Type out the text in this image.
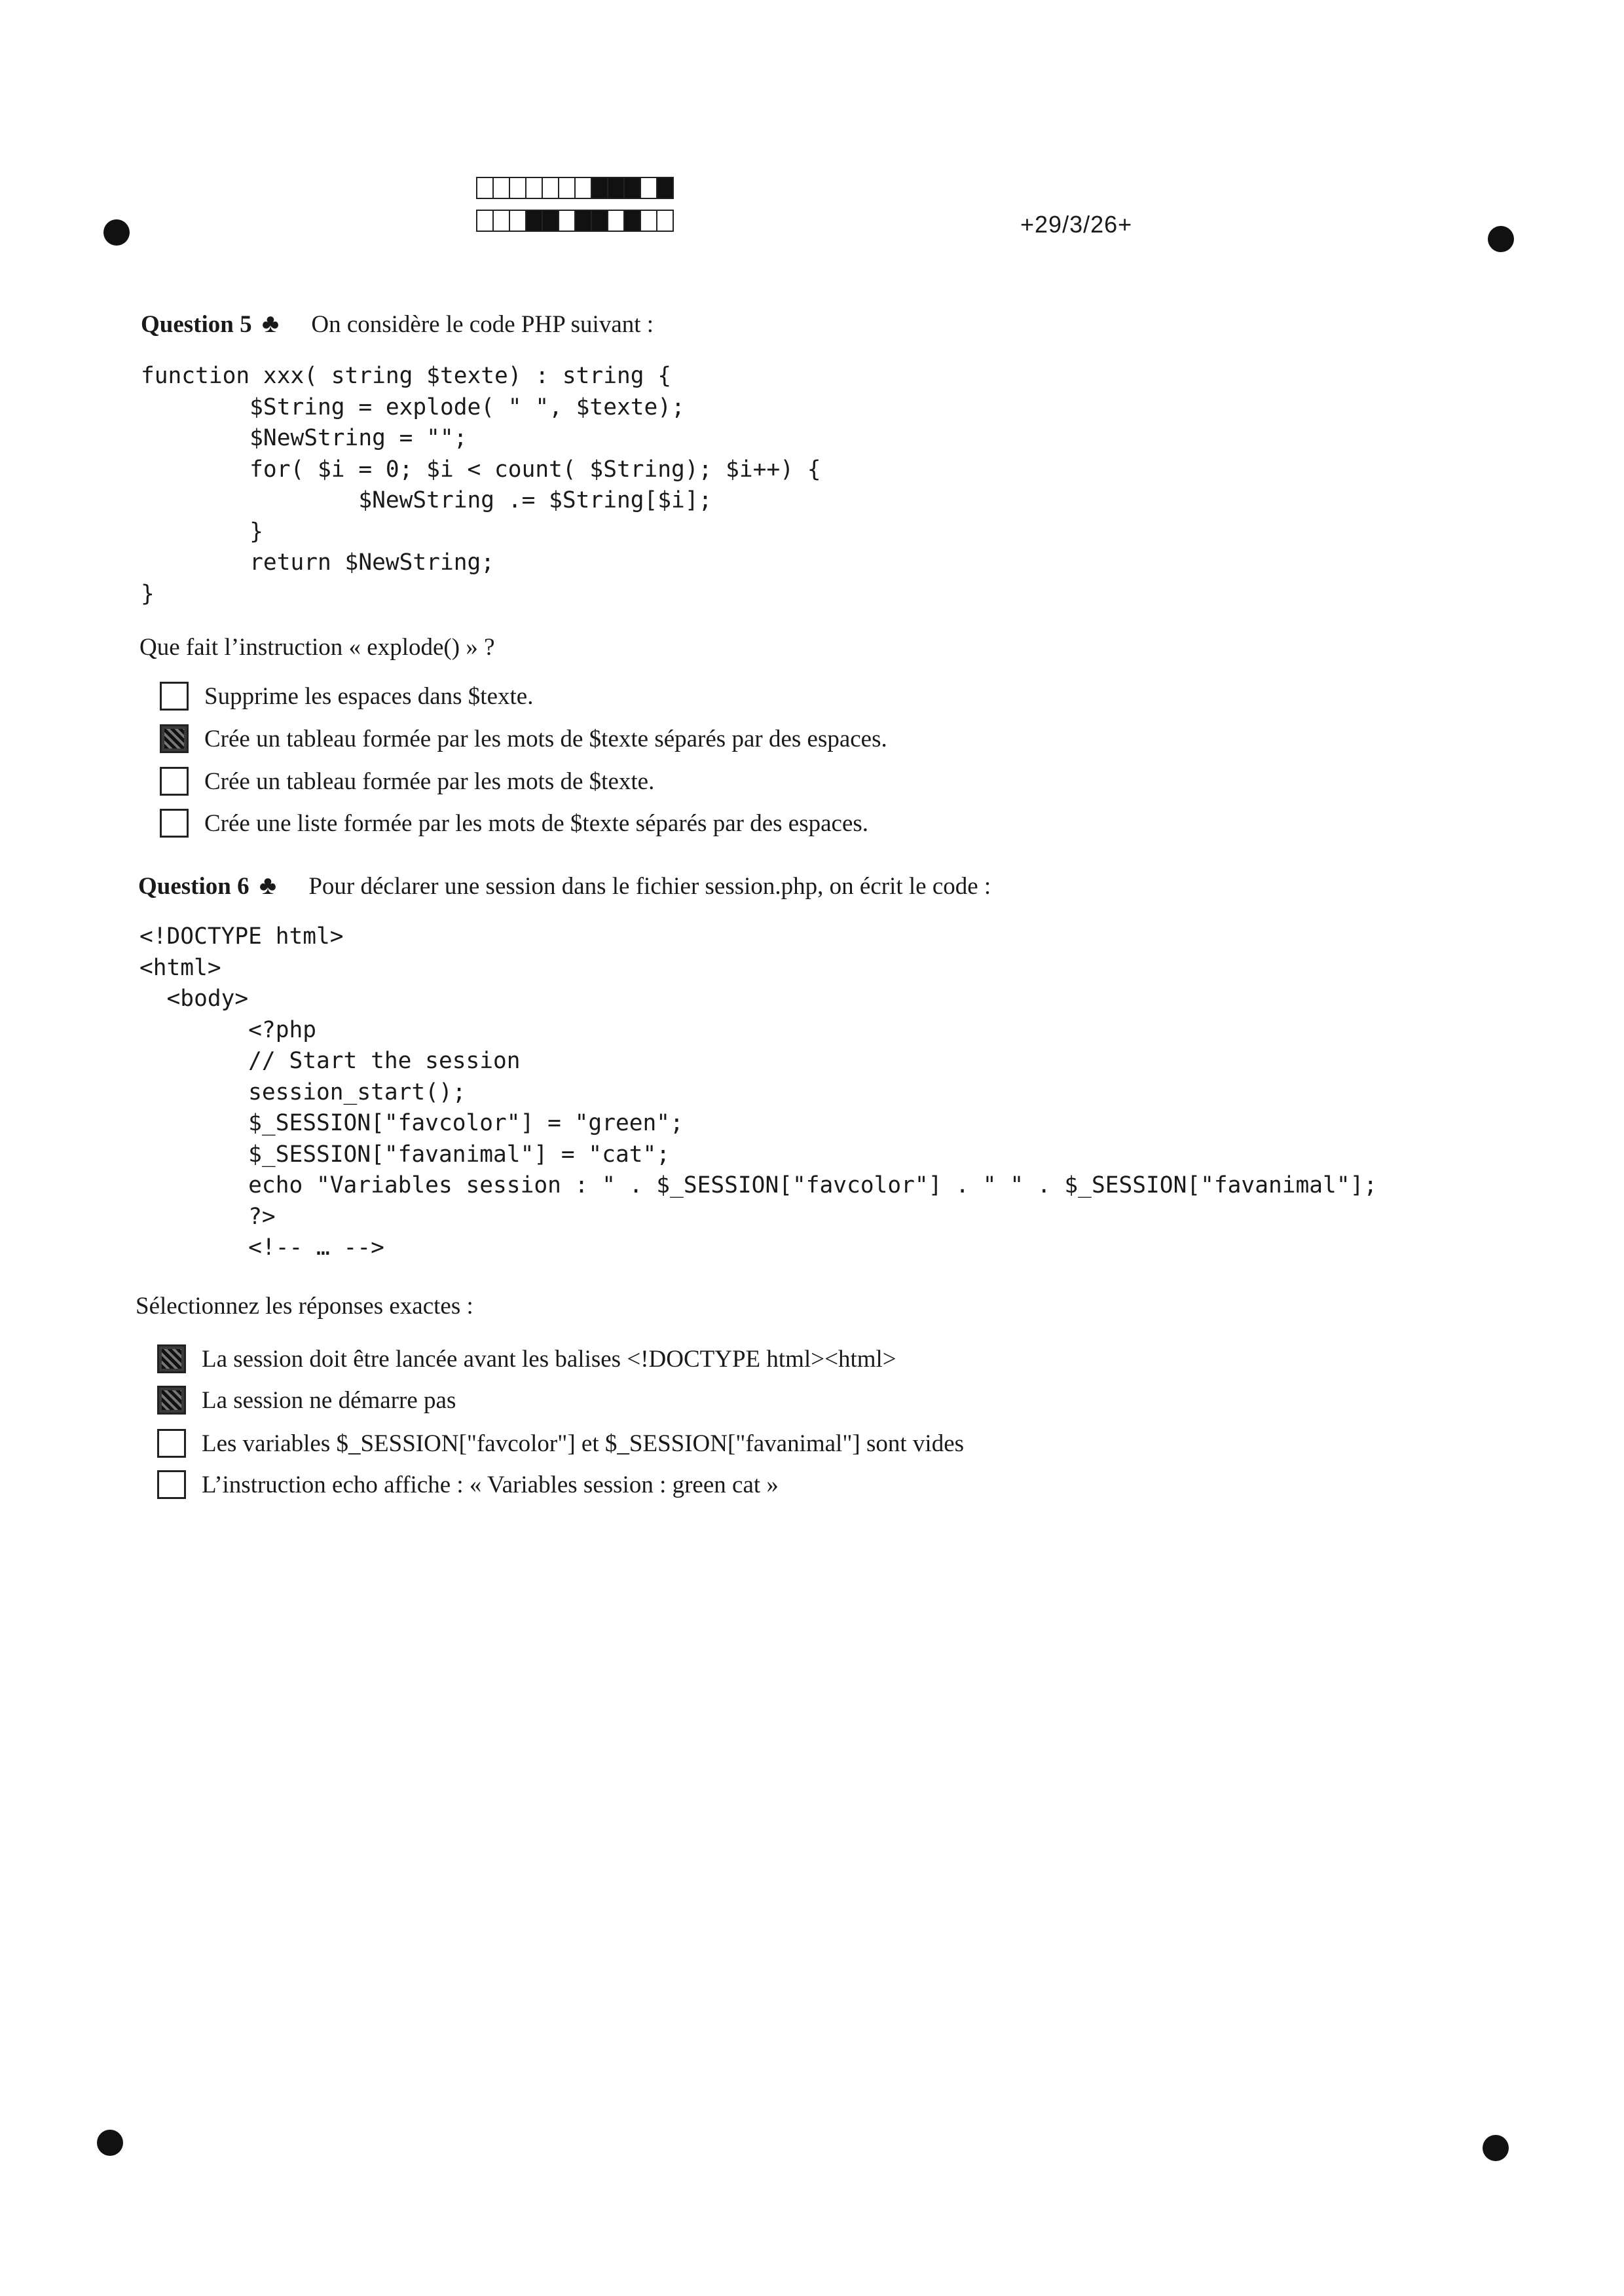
+29/3/26+
Question 5 ♣ On considère le code PHP suivant :
function xxx( string $texte) : string {
$String = explode( " ", $texte);
$NewString = "";
for( $i = 0; $i < count( $String); $i++) {
$NewString .= $String[$i];
}
return $NewString;
}
Que fait l’instruction « explode() » ?
Supprime les espaces dans $texte.
Crée un tableau formée par les mots de $texte séparés par des espaces.
Crée un tableau formée par les mots de $texte.
Crée une liste formée par les mots de $texte séparés par des espaces.
Question 6 ♣ Pour déclarer une session dans le fichier session.php, on écrit le code :
<!DOCTYPE html>
<html>
<body>
<?php
// Start the session
session_start();
$_SESSION["favcolor"] = "green";
$_SESSION["favanimal"] = "cat";
echo "Variables session : " . $_SESSION["favcolor"] . " " . $_SESSION["favanimal"];
?>
<!-- … -->
Sélectionnez les réponses exactes :
La session doit être lancée avant les balises <!DOCTYPE html><html>
La session ne démarre pas
Les variables $_SESSION["favcolor"] et $_SESSION["favanimal"] sont vides
L’instruction echo affiche : « Variables session : green cat »
